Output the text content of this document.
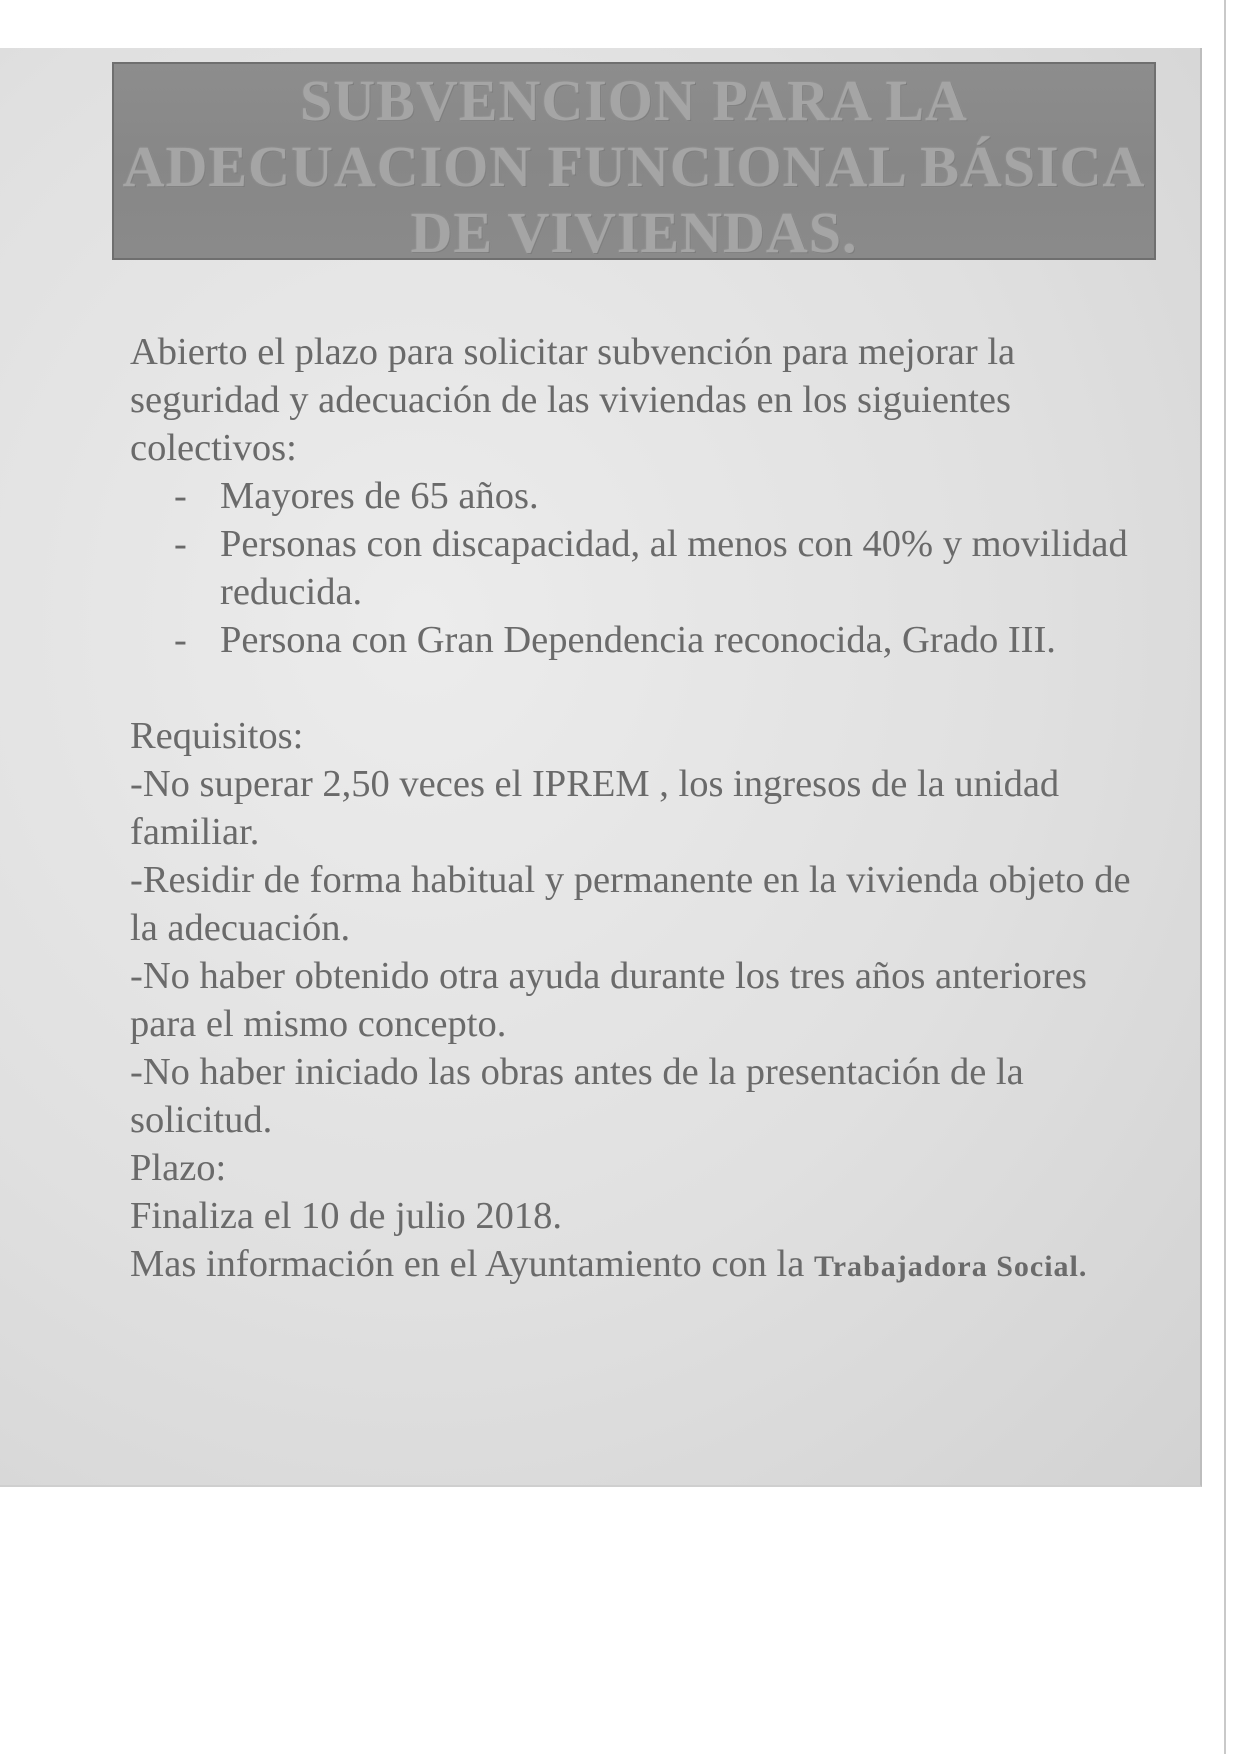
SUBVENCION PARA LA
ADECUACION FUNCIONAL BÁSICA
DE VIVIENDAS.

Abierto el plazo para solicitar subvención para mejorar la seguridad y adecuación de las viviendas en los siguientes colectivos:

- Mayores de 65 años.
- Personas con discapacidad, al menos con 40% y movilidad reducida.
- Persona con Gran Dependencia reconocida, Grado III.

Requisitos:

-No superar 2,50 veces el IPREM , los ingresos de la unidad familiar.

-Residir de forma habitual y permanente en la vivienda objeto de la adecuación.

-No haber obtenido otra ayuda durante los tres años anteriores para el mismo concepto.

-No haber iniciado las obras antes de la presentación de la solicitud.

Plazo:

Finaliza el 10 de julio 2018.

Mas información en el Ayuntamiento con la Trabajadora Social.
